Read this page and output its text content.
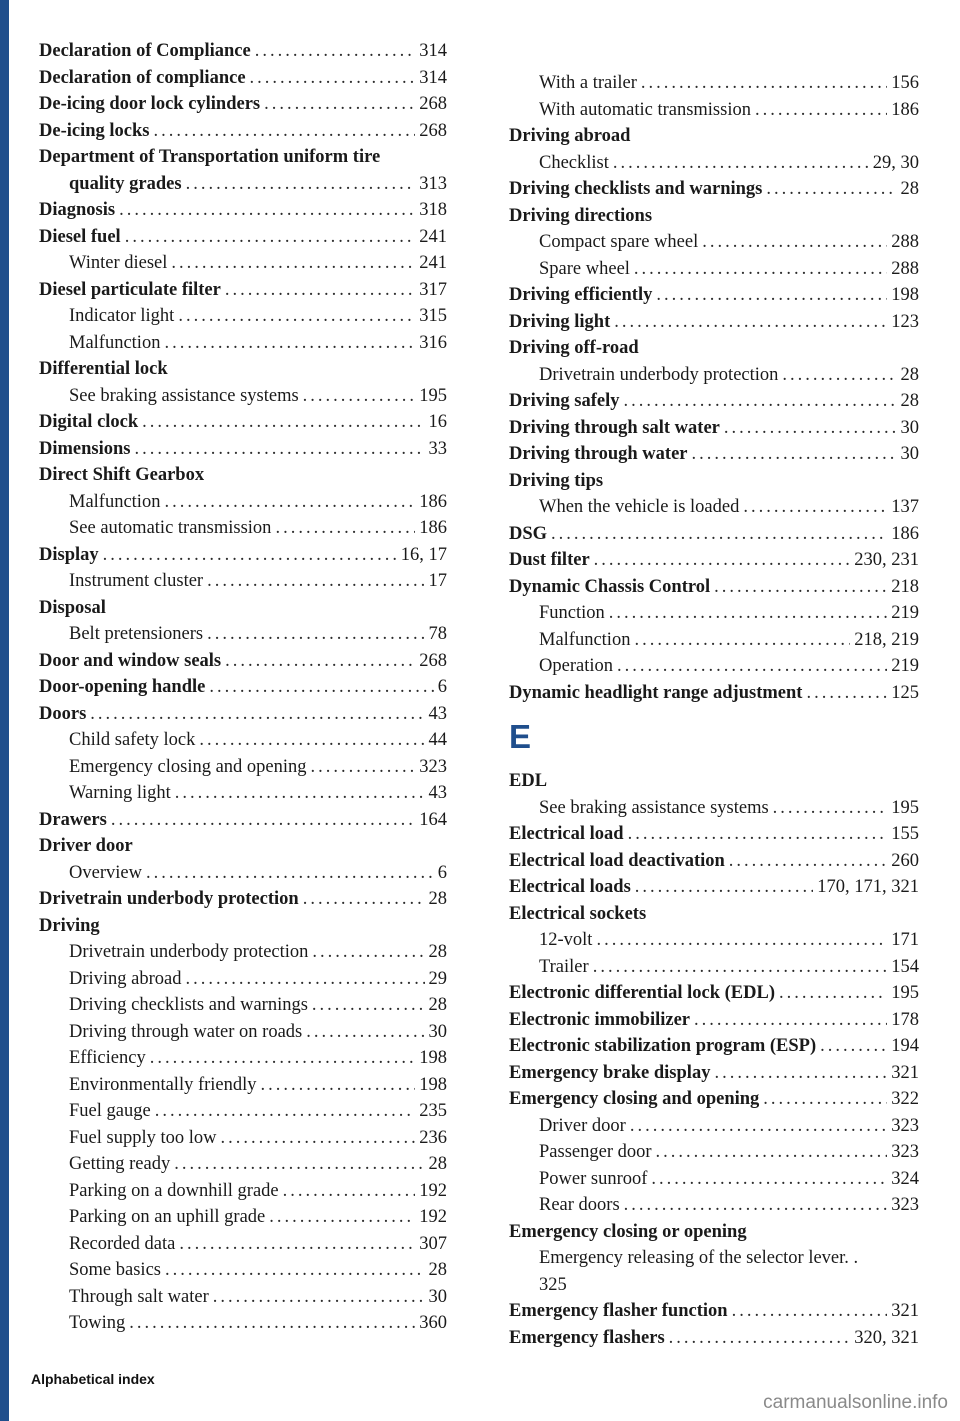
Declaration of Compliance .....	314
Declaration of compliance .....	314
De-icing door lock cylinders .....	268
De-icing locks .....	268
Department of Transportation uniform tire
quality grades .....	313
Diagnosis .....	318
Diesel fuel .....	241
Winter diesel .....	241
Diesel particulate filter .....	317
Indicator light .....	315
Malfunction .....	316
Differential lock
See braking assistance systems .....	195
Digital clock .....	16
Dimensions .....	33
Direct Shift Gearbox
Malfunction .....	186
See automatic transmission .....	186
Display .....	16, 17
Instrument cluster .....	17
Disposal
Belt pretensioners .....	78
Door and window seals .....	268
Door-opening handle .....	6
Doors .....	43
Child safety lock .....	44
Emergency closing and opening .....	323
Warning light .....	43
Drawers .....	164
Driver door
Overview .....	6
Drivetrain underbody protection .....	28
Driving
Drivetrain underbody protection .....	28
Driving abroad .....	29
Driving checklists and warnings .....	28
Driving through water on roads .....	30
Efficiency .....	198
Environmentally friendly .....	198
Fuel gauge .....	235
Fuel supply too low .....	236
Getting ready .....	28
Parking on a downhill grade .....	192
Parking on an uphill grade .....	192
Recorded data .....	307
Some basics .....	28
Through salt water .....	30
Towing .....	360
With a trailer .....	156
With automatic transmission .....	186
Driving abroad
Checklist .....	29, 30
Driving checklists and warnings .....	28
Driving directions
Compact spare wheel .....	288
Spare wheel .....	288
Driving efficiently .....	198
Driving light .....	123
Driving off-road
Drivetrain underbody protection .....	28
Driving safely .....	28
Driving through salt water .....	30
Driving through water .....	30
Driving tips
When the vehicle is loaded .....	137
DSG .....	186
Dust filter .....	230, 231
Dynamic Chassis Control .....	218
Function .....	219
Malfunction .....	218, 219
Operation .....	219
Dynamic headlight range adjustment .....	125
E
EDL
See braking assistance systems .....	195
Electrical load .....	155
Electrical load deactivation .....	260
Electrical loads .....	170, 171, 321
Electrical sockets
12-volt .....	171
Trailer .....	154
Electronic differential lock (EDL) .....	195
Electronic immobilizer .....	178
Electronic stabilization program (ESP) .....	194
Emergency brake display .....	321
Emergency closing and opening .....	322
Driver door .....	323
Passenger door .....	323
Power sunroof .....	324
Rear doors .....	323
Emergency closing or opening
Emergency releasing of the selector lever. .
325
Emergency flasher function .....	321
Emergency flashers .....	320, 321
Alphabetical index
carmanualsonline.info
